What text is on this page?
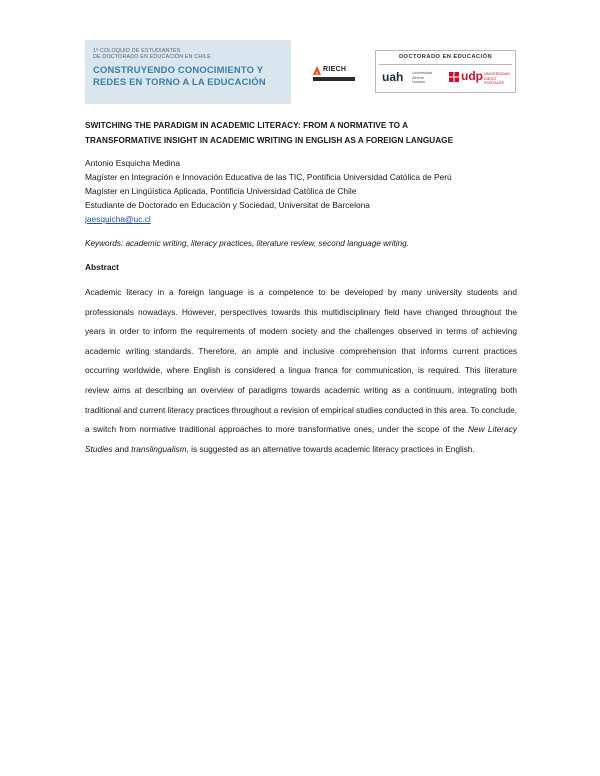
1º COLOQUIO DE ESTUDIANTES
DE DOCTORADO EN EDUCACIÓN EN CHILE
CONSTRUYENDO CONOCIMIENTO Y
REDES EN TORNO A LA EDUCACIÓN
RIECH
DOCTORADO EN EDUCACIÓN
uah Universidad Alberto Hurtado	udp UNIVERSIDAD DIEGO PORTALES
SWITCHING THE PARADIGM IN ACADEMIC LITERACY: FROM A NORMATIVE TO A
TRANSFORMATIVE INSIGHT IN ACADEMIC WRITING IN ENGLISH AS A FOREIGN LANGUAGE
Antonio Esquicha Medina
Magíster en Integración e Innovación Educativa de las TIC, Pontificia Universidad Católica de Perú
Magíster en Lingüística Aplicada, Pontificia Universidad Católica de Chile
Estudiante de Doctorado en Educación y Sociedad, Universitat de Barcelona
jaesquicha@uc.cl
Keywords: academic writing, literacy practices, literature review, second language writing.
Abstract

Academic literacy in a foreign language is a competence to be developed by many university students and professionals nowadays. However, perspectives towards this multidisciplinary field have changed throughout the years in order to inform the requirements of modern society and the challenges observed in terms of achieving academic writing standards. Therefore, an ample and inclusive comprehension that informs current practices occurring worldwide, where English is considered a lingua franca for communication, is required. This literature review aims at describing an overview of paradigms towards academic writing as a continuum, integrating both traditional and current literacy practices throughout a revision of empirical studies conducted in this area. To conclude, a switch from normative traditional approaches to more transformative ones, under the scope of the New Literacy Studies and translingualism, is suggested as an alternative towards academic literacy practices in English.
